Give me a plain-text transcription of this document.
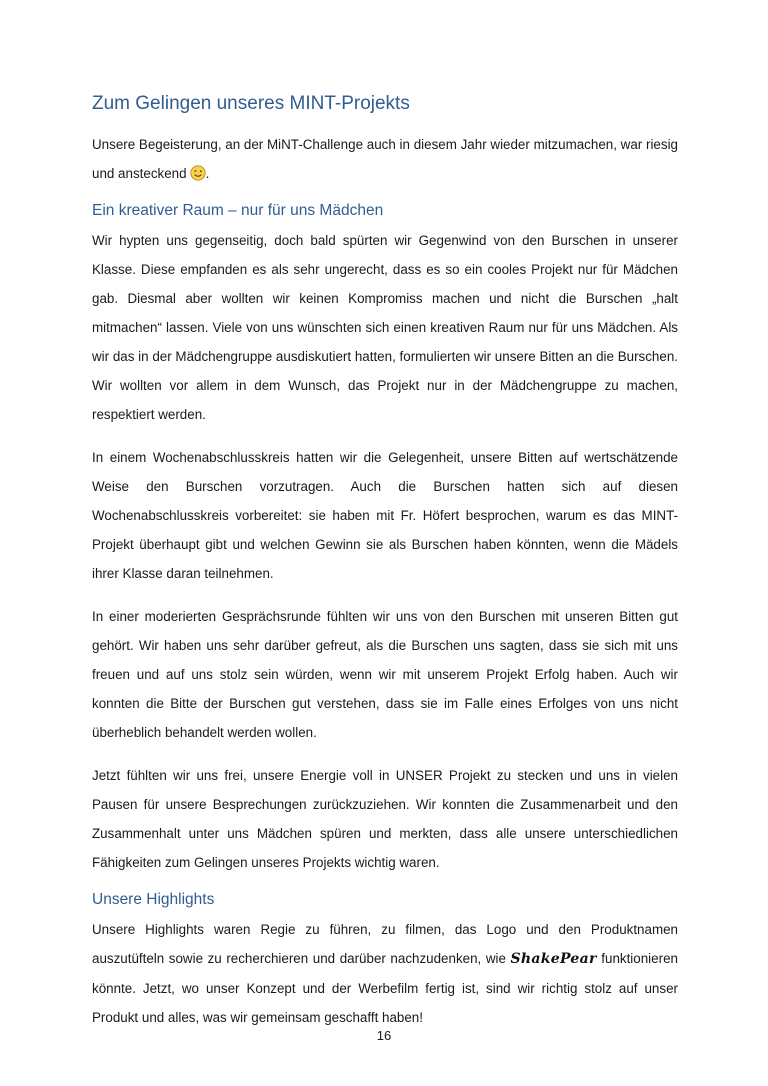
Zum Gelingen unseres MINT-Projekts

Unsere Begeisterung, an der MiNT-Challenge auch in diesem Jahr wieder mitzumachen, war riesig und ansteckend .

Ein kreativer Raum – nur für uns Mädchen

Wir hypten uns gegenseitig, doch bald spürten wir Gegenwind von den Burschen in unserer Klasse. Diese empfanden es als sehr ungerecht, dass es so ein cooles Projekt nur für Mädchen gab. Diesmal aber wollten wir keinen Kompromiss machen und nicht die Burschen „halt mitmachen“ lassen. Viele von uns wünschten sich einen kreativen Raum nur für uns Mädchen. Als wir das in der Mädchengruppe ausdiskutiert hatten, formulierten wir unsere Bitten an die Burschen. Wir wollten vor allem in dem Wunsch, das Projekt nur in der Mädchengruppe zu machen, respektiert werden.

In einem Wochenabschlusskreis hatten wir die Gelegenheit, unsere Bitten auf wertschätzende Weise den Burschen vorzutragen. Auch die Burschen hatten sich auf diesen Wochenabschlusskreis vorbereitet: sie haben mit Fr. Höfert besprochen, warum es das MINT-Projekt überhaupt gibt und welchen Gewinn sie als Burschen haben könnten, wenn die Mädels ihrer Klasse daran teilnehmen.

In einer moderierten Gesprächsrunde fühlten wir uns von den Burschen mit unseren Bitten gut gehört. Wir haben uns sehr darüber gefreut, als die Burschen uns sagten, dass sie sich mit uns freuen und auf uns stolz sein würden, wenn wir mit unserem Projekt Erfolg haben. Auch wir konnten die Bitte der Burschen gut verstehen, dass sie im Falle eines Erfolges von uns nicht überheblich behandelt werden wollen.

Jetzt fühlten wir uns frei, unsere Energie voll in UNSER Projekt zu stecken und uns in vielen Pausen für unsere Besprechungen zurückzuziehen. Wir konnten die Zusammenarbeit und den Zusammenhalt unter uns Mädchen spüren und merkten, dass alle unsere unterschiedlichen Fähigkeiten zum Gelingen unseres Projekts wichtig waren.

Unsere Highlights

Unsere Highlights waren Regie zu führen, zu filmen, das Logo und den Produktnamen auszutüfteln sowie zu recherchieren und darüber nachzudenken, wie ShakePear funktionieren könnte. Jetzt, wo unser Konzept und der Werbefilm fertig ist, sind wir richtig stolz auf unser Produkt und alles, was wir gemeinsam geschafft haben!

16
